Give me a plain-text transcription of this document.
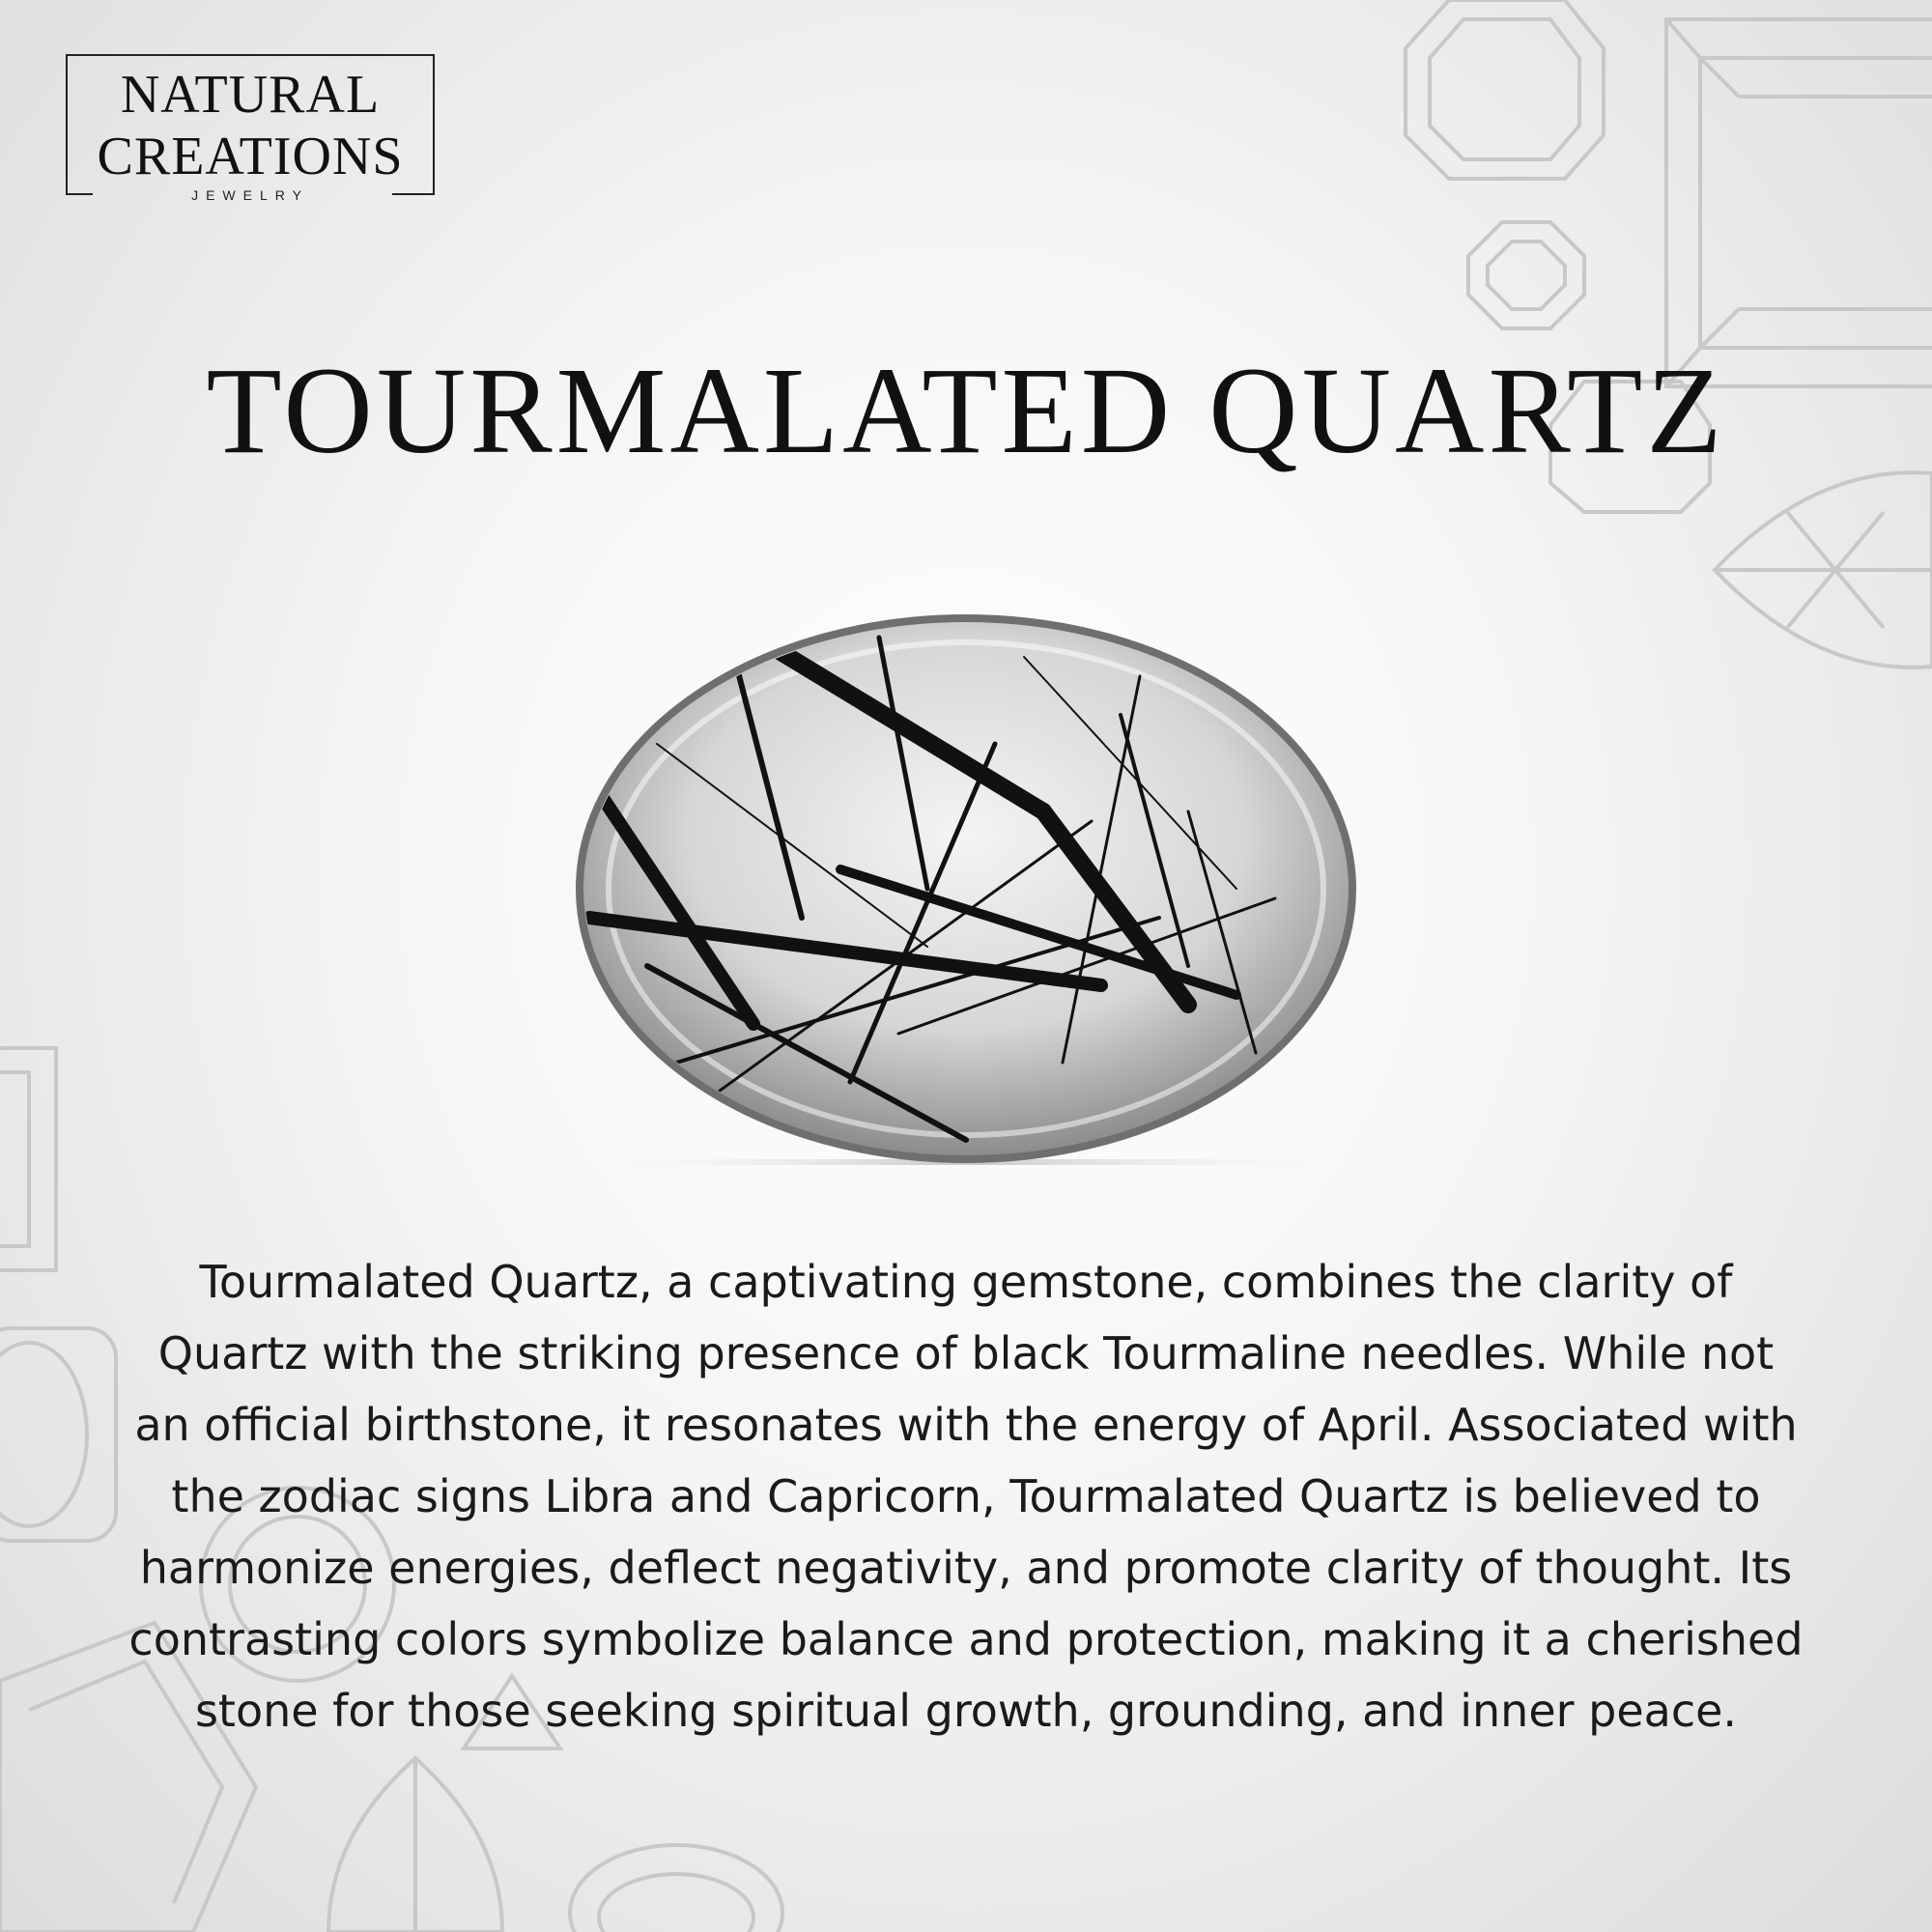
NATURAL
CREATIONS
JEWELRY
TOURMALATED QUARTZ

Tourmalated Quartz, a captivating gemstone, combines the clarity of Quartz with the striking presence of black Tourmaline needles. While not an official birthstone, it resonates with the energy of April. Associated with the zodiac signs Libra and Capricorn, Tourmalated Quartz is believed to harmonize energies, deflect negativity, and promote clarity of thought. Its contrasting colors symbolize balance and protection, making it a cherished stone for those seeking spiritual growth, grounding, and inner peace.
